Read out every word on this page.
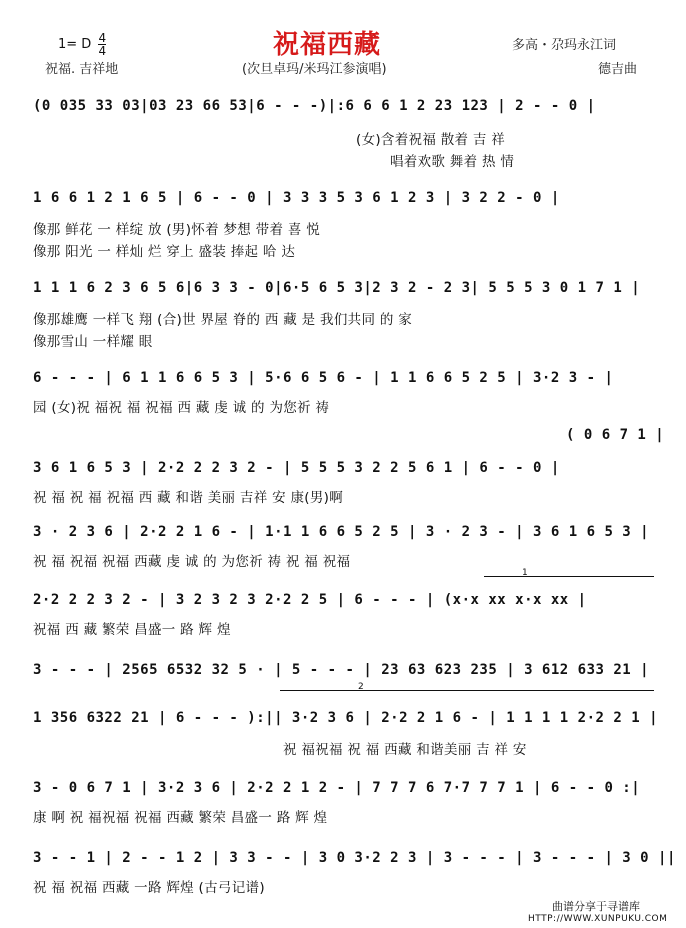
1= D $\frac{4}{4}$	祝福西藏	多高・尕玛永江词
祝福. 吉祥地	(次旦卓玛/米玛江参演唱)	德吉曲
(0 035 33 03|03 23 66 53|6 - - -)|:6 6 6 1 2 23 123 | 2 - - 0 |
(女)含着祝福 散着 吉 祥
唱着欢歌 舞着 热 情
1 6 6 1 2 1 6 5 | 6 - - 0 | 3 3 3 5 3 6 1 2 3 | 3 2 2 - 0 |
像那 鲜花 一 样绽 放 (男)怀着 梦想 带着 喜 悦
像那 阳光 一 样灿 烂 穿上 盛装 捧起 哈 达
1 1 1 6 2 3 6 5 6|6 3 3 - 0|6·5 6 5 3|2 3 2 - 2 3| 5 5 5 3 0 1 7 1 |
像那雄鹰 一样飞 翔 (合)世 界屋 脊的 西 藏 是 我们共同 的 家
像那雪山 一样耀 眼
6 - - - | 6 1 1 6 6 5 3 | 5·6 6 5 6 - | 1 1 6 6 5 2 5 | 3·2 3 - |
园 (女)祝 福祝 福 祝福 西 藏 虔 诚 的 为您祈 祷
( 0 6 7 1 |
3 6 1 6 5 3 | 2·2 2 2 3 2 - | 5 5 5 3 2 2 5 6 1 | 6 - - 0 |
祝 福 祝 福 祝福 西 藏 和谐 美丽 吉祥 安 康(男)啊
3 · 2 3 6 | 2·2 2 1 6 - | 1·1 1 6 6 5 2 5 | 3 · 2 3 - | 3 6 1 6 5 3 |
祝 福 祝福 祝福 西藏 虔 诚 的 为您祈 祷 祝 福 祝福
1
2·2 2 2 3 2 - | 3 2 3 2 3 2·2 2 5 | 6 - - - | (x·x xx x·x xx |
祝福 西 藏 繁荣 昌盛一 路 辉 煌
3 - - - | 2565 6532 32 5 · | 5 - - - | 23 63 623 235 | 3 612 633 21 |
2
1 356 6322 21 | 6 - - - ):|| 3·2 3 6 | 2·2 2 1 6 - | 1 1 1 1 2·2 2 1 |
祝 福祝福 祝 福 西藏 和谐美丽 吉 祥 安
3 - 0 6 7 1 | 3·2 3 6 | 2·2 2 1 2 - | 7 7 7 6 7·7 7 7 1 | 6 - - 0 :|
康 啊 祝 福祝福 祝福 西藏 繁荣 昌盛一 路 辉 煌
3 - - 1 | 2 - - 1 2 | 3 3 - - | 3 0 3·2 2 3 | 3 - - - | 3 - - - | 3 0 ||
祝 福 祝福 西藏 一路 辉煌 (古弓记谱)
曲谱分享于寻谱库
HTTP://WWW.XUNPUKU.COM
